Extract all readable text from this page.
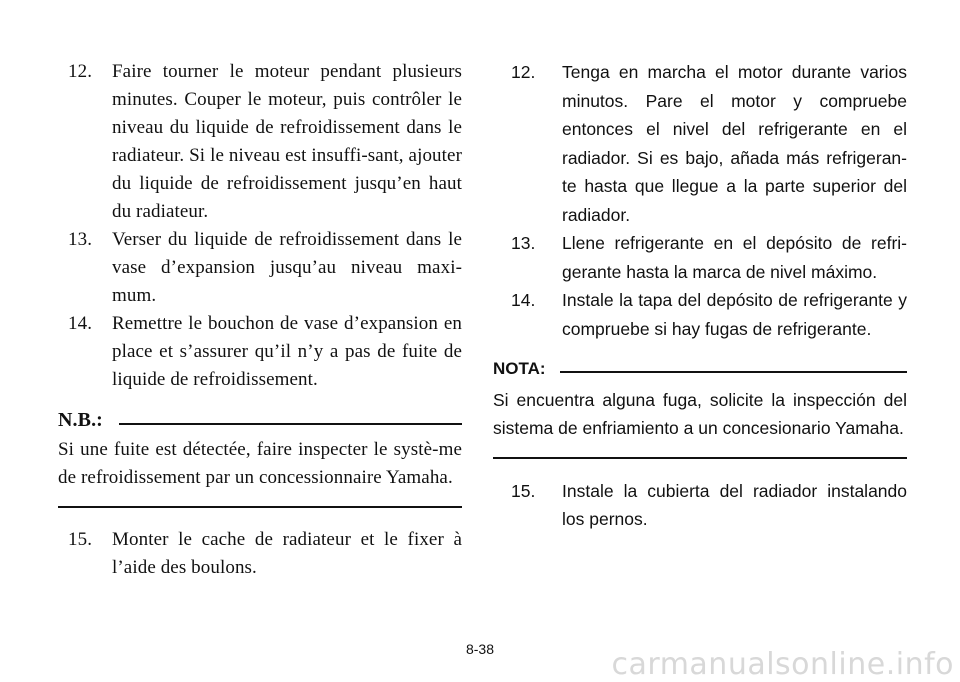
12.	Faire tourner le moteur pendant plusieurs minutes. Couper le moteur, puis contrôler le niveau du liquide de refroidissement dans le radiateur. Si le niveau est insuffi-sant, ajouter du liquide de refroidissement jusqu’en haut du radiateur.
13.	Verser du liquide de refroidissement dans le vase d’expansion jusqu’au niveau maxi-mum.
14.	Remettre le bouchon de vase d’expansion en place et s’assurer qu’il n’y a pas de fuite de liquide de refroidissement.
N.B.:
Si une fuite est détectée, faire inspecter le systè-me de refroidissement par un concessionnaire Yamaha.
15.	Monter le cache de radiateur et le fixer à l’aide des boulons.
12.	Tenga en marcha el motor durante varios minutos. Pare el motor y compruebe entonces el nivel del refrigerante en el radiador. Si es bajo, añada más refrigeran-te hasta que llegue a la parte superior del radiador.
13.	Llene refrigerante en el depósito de refri-gerante hasta la marca de nivel máximo.
14.	Instale la tapa del depósito de refrigerante y compruebe si hay fugas de refrigerante.
NOTA:
Si encuentra alguna fuga, solicite la inspección del sistema de enfriamiento a un concesionario Yamaha.
15.	Instale la cubierta del radiador instalando los pernos.
8-38	carmanualsonline.info
